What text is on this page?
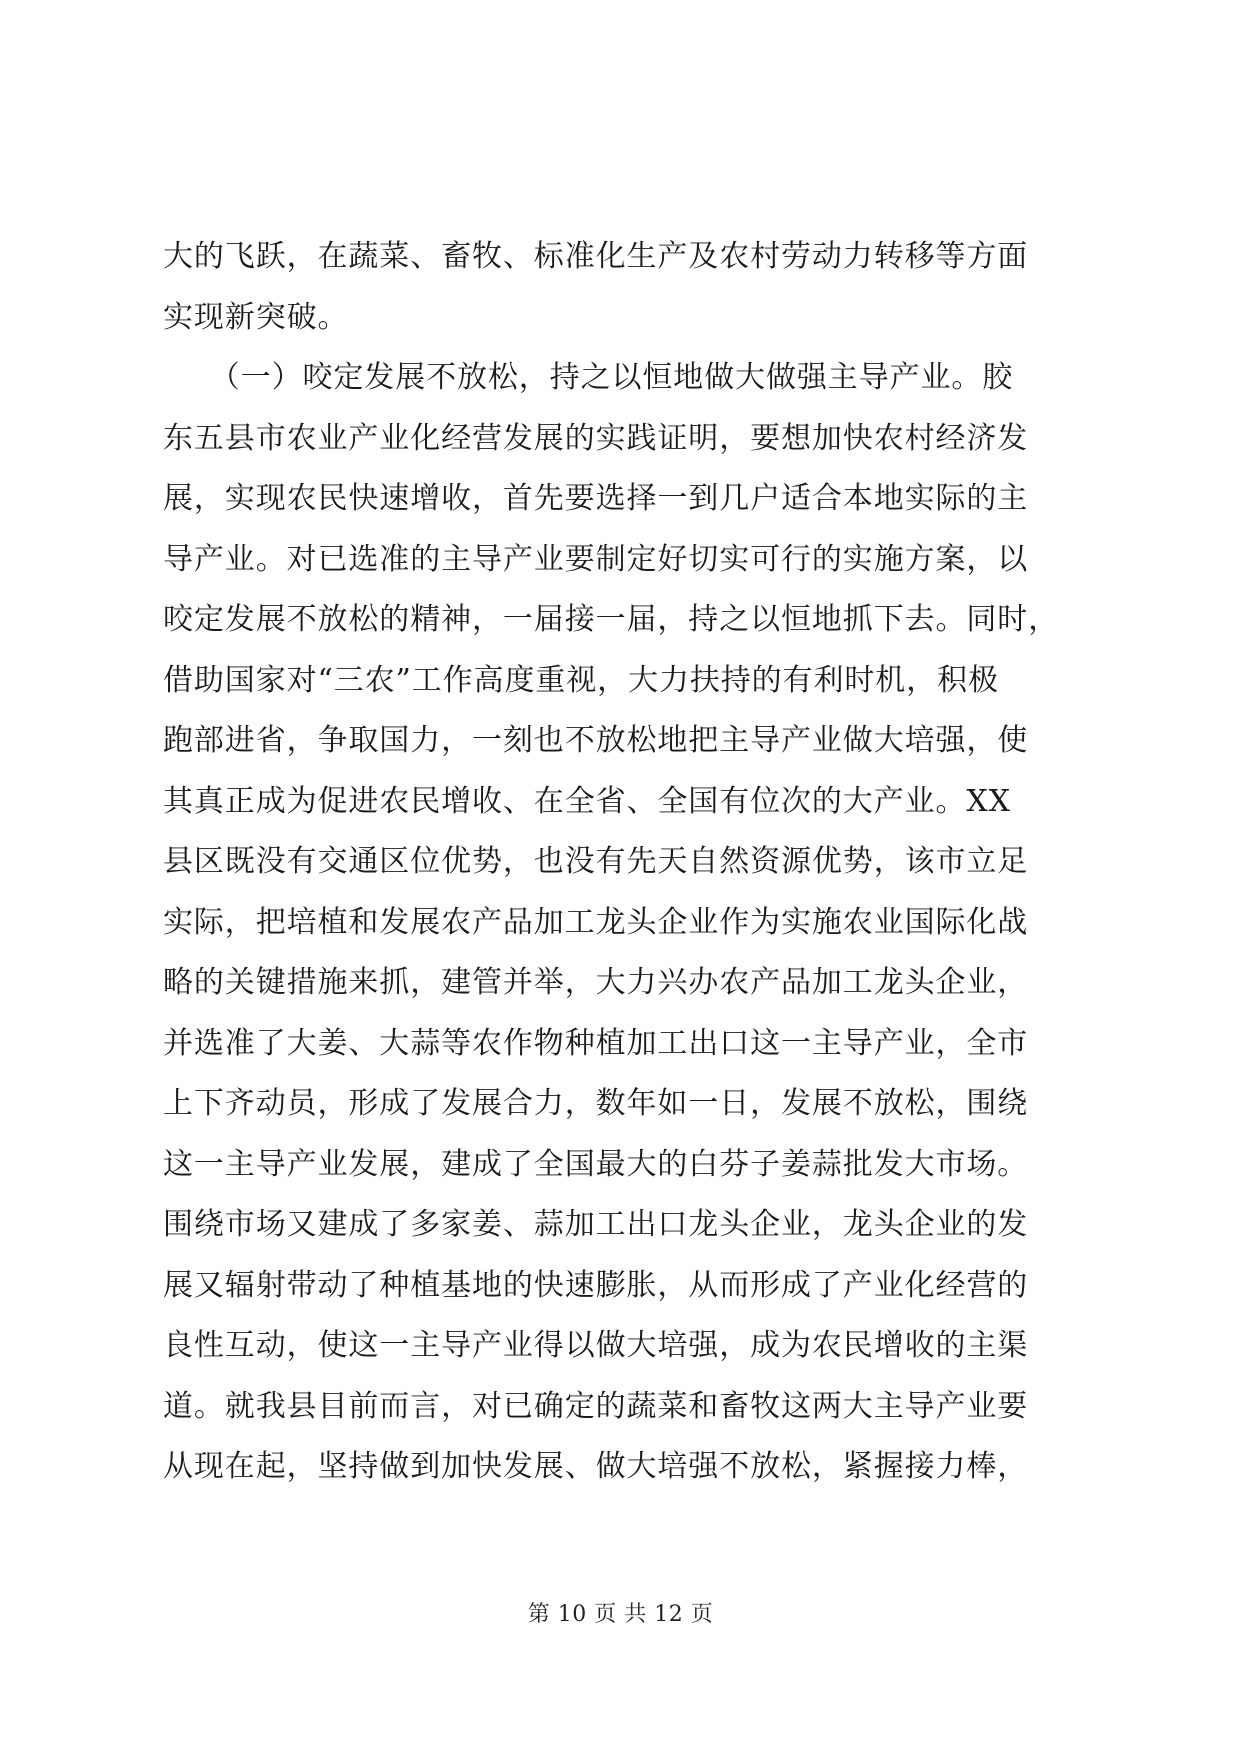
大的飞跃，在蔬菜、畜牧、标准化生产及农村劳动力转移等方面
实现新突破。
　　（一）咬定发展不放松，持之以恒地做大做强主导产业。胶
东五县市农业产业化经营发展的实践证明，要想加快农村经济发
展，实现农民快速增收，首先要选择一到几户适合本地实际的主
导产业。对已选准的主导产业要制定好切实可行的实施方案，以
咬定发展不放松的精神，一届接一届，持之以恒地抓下去。同时，
借助国家对“三农”工作高度重视，大力扶持的有利时机，积极
跑部进省，争取国力，一刻也不放松地把主导产业做大培强，使
其真正成为促进农民增收、在全省、全国有位次的大产业。XX
县区既没有交通区位优势，也没有先天自然资源优势，该市立足
实际，把培植和发展农产品加工龙头企业作为实施农业国际化战
略的关键措施来抓，建管并举，大力兴办农产品加工龙头企业，
并选准了大姜、大蒜等农作物种植加工出口这一主导产业，全市
上下齐动员，形成了发展合力，数年如一日，发展不放松，围绕
这一主导产业发展，建成了全国最大的白芬子姜蒜批发大市场。
围绕市场又建成了多家姜、蒜加工出口龙头企业，龙头企业的发
展又辐射带动了种植基地的快速膨胀，从而形成了产业化经营的
良性互动，使这一主导产业得以做大培强，成为农民增收的主渠
道。就我县目前而言，对已确定的蔬菜和畜牧这两大主导产业要
从现在起，坚持做到加快发展、做大培强不放松，紧握接力棒，
第 10 页 共 12 页
